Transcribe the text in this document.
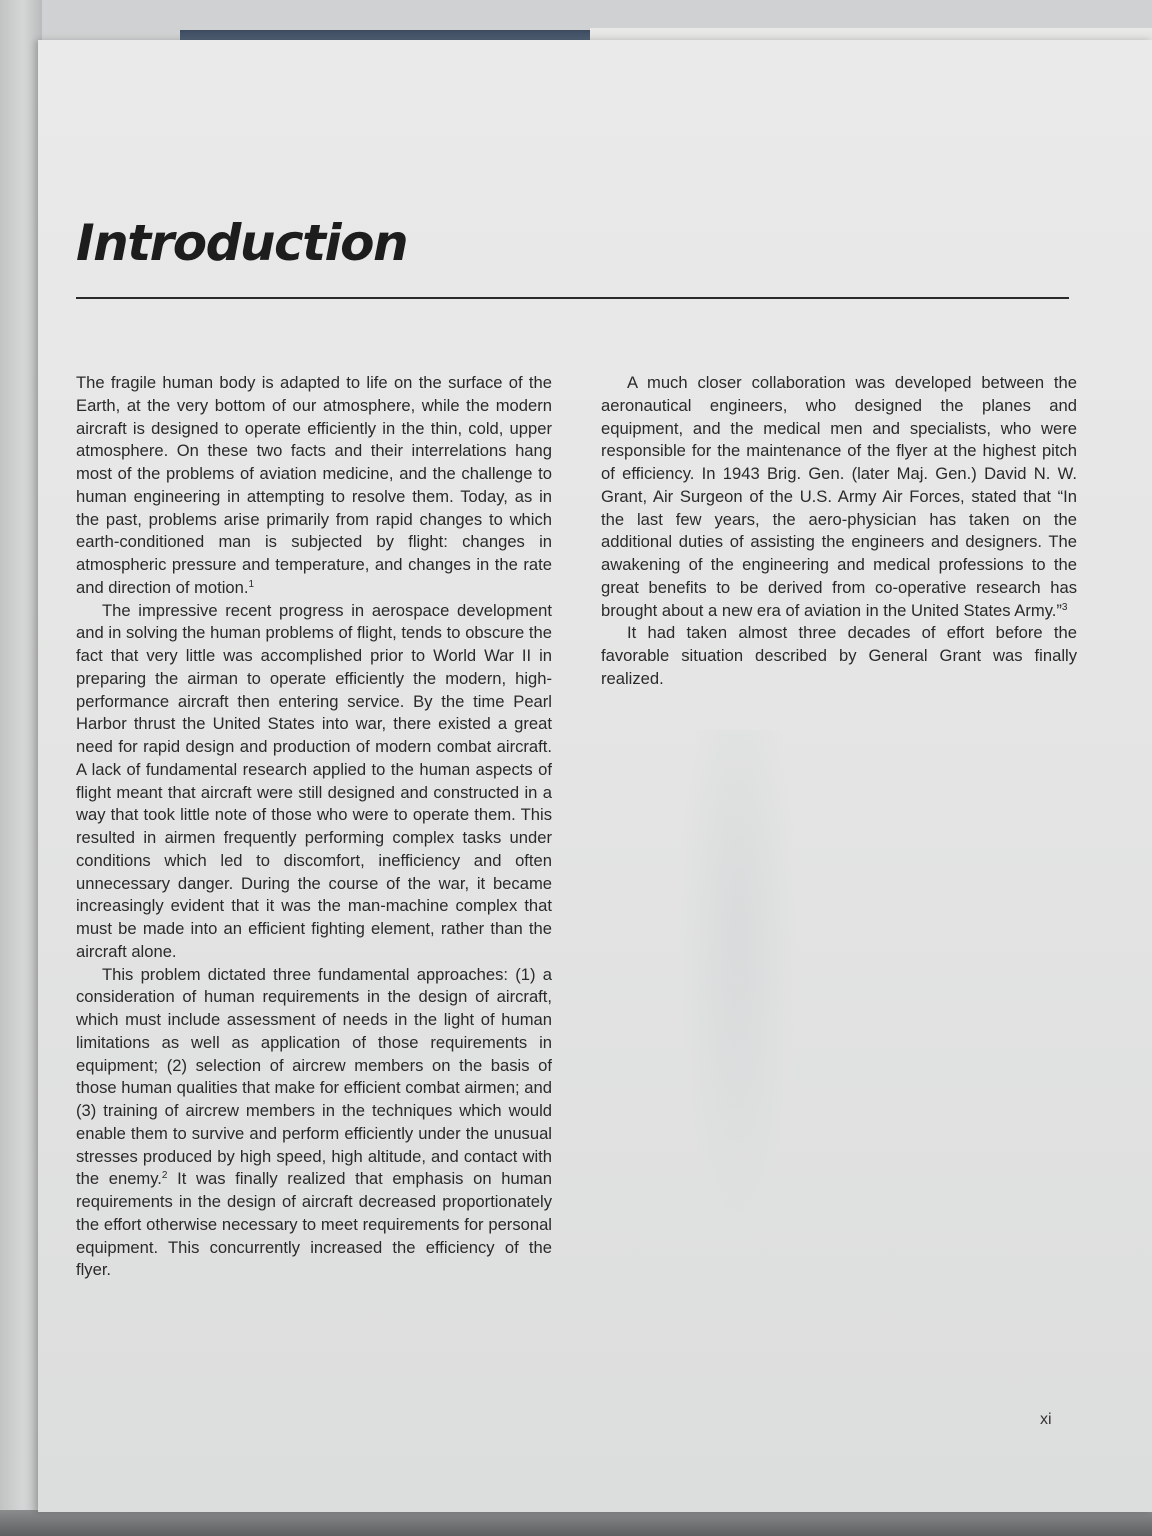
Introduction

The fragile human body is adapted to life on the surface of the Earth, at the very bottom of our atmosphere, while the modern aircraft is designed to operate efficiently in the thin, cold, upper atmosphere. On these two facts and their interrelations hang most of the problems of aviation medicine, and the challenge to human engineering in attempting to resolve them. Today, as in the past, problems arise primarily from rapid changes to which earth-conditioned man is subjected by flight: changes in atmospheric pressure and temperature, and changes in the rate and direction of motion.$^1$

The impressive recent progress in aerospace development and in solving the human problems of flight, tends to obscure the fact that very little was accomplished prior to World War II in preparing the airman to operate efficiently the modern, high-performance aircraft then entering service. By the time Pearl Harbor thrust the United States into war, there existed a great need for rapid design and production of modern combat aircraft. A lack of fundamental research applied to the human aspects of flight meant that aircraft were still designed and constructed in a way that took little note of those who were to operate them. This resulted in airmen frequently performing complex tasks under conditions which led to discomfort, inefficiency and often unnecessary danger. During the course of the war, it became increasingly evident that it was the man-machine complex that must be made into an efficient fighting element, rather than the aircraft alone.

This problem dictated three fundamental approaches: (1) a consideration of human requirements in the design of aircraft, which must include assessment of needs in the light of human limitations as well as application of those requirements in equipment; (2) selection of aircrew members on the basis of those human qualities that make for efficient combat airmen; and (3) training of aircrew members in the techniques which would enable them to survive and perform efficiently under the unusual stresses produced by high speed, high altitude, and contact with the enemy.$^2$ It was finally realized that emphasis on human requirements in the design of aircraft decreased proportionately the effort otherwise necessary to meet requirements for personal equipment. This concurrently increased the efficiency of the flyer.

A much closer collaboration was developed between the aeronautical engineers, who designed the planes and equipment, and the medical men and specialists, who were responsible for the maintenance of the flyer at the highest pitch of efficiency. In 1943 Brig. Gen. (later Maj. Gen.) David N. W. Grant, Air Surgeon of the U.S. Army Air Forces, stated that “In the last few years, the aero-physician has taken on the additional duties of assisting the engineers and designers. The awakening of the engineering and medical professions to the great benefits to be derived from co-operative research has brought about a new era of aviation in the United States Army.”$^3$

It had taken almost three decades of effort before the favorable situation described by General Grant was finally realized.

xi
